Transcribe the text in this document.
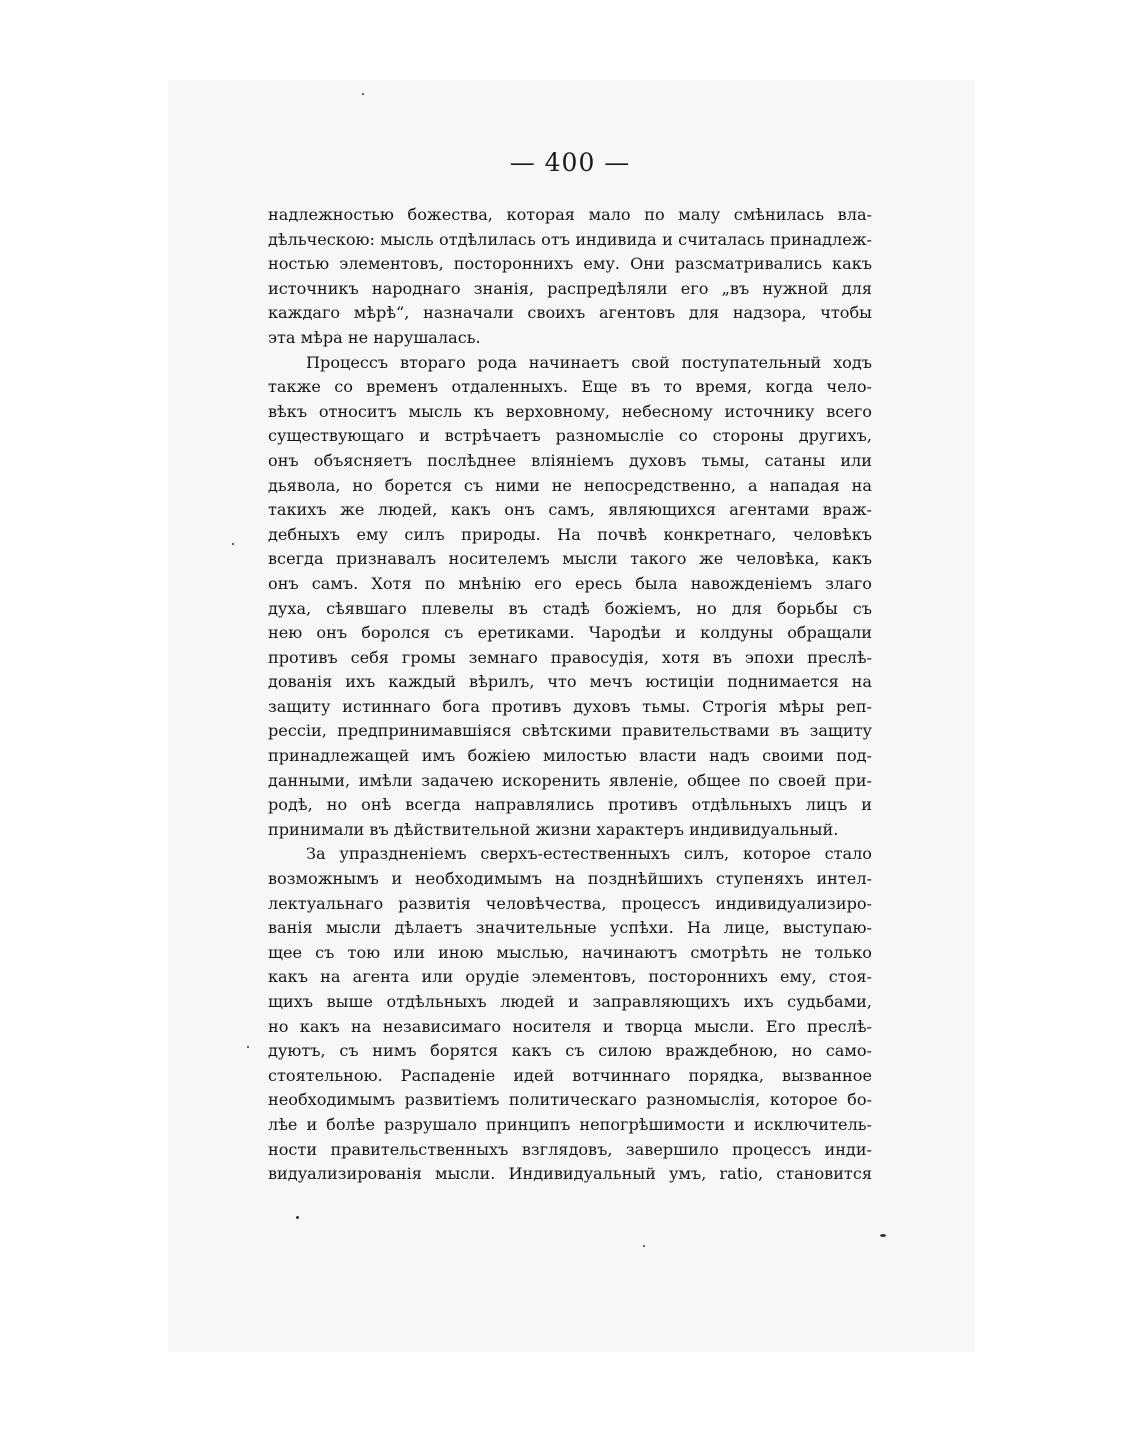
— 400 —
надлежностью божества, которая мало по малу смѣнилась вла-
дѣльческою: мысль отдѣлилась отъ индивида и считалась принадлеж-
ностью элементовъ, постороннихъ ему. Они разсматривались какъ
источникъ народнаго знанія, распредѣляли его „въ нужной для
каждаго мѣрѣ“, назначали своихъ агентовъ для надзора, чтобы
эта мѣра не нарушалась.
Процессъ втораго рода начинаетъ свой поступательный ходъ
также со временъ отдаленныхъ. Еще въ то время, когда чело-
вѣкъ относитъ мысль къ верховному, небесному источнику всего
существующаго и встрѣчаетъ разномысліе со стороны другихъ,
онъ объясняетъ послѣднее вліяніемъ духовъ тьмы, сатаны или
дьявола, но борется съ ними не непосредственно, а нападая на
такихъ же людей, какъ онъ самъ, являющихся агентами враж-
дебныхъ ему силъ природы. На почвѣ конкретнаго, человѣкъ
всегда признавалъ носителемъ мысли такого же человѣка, какъ
онъ самъ. Хотя по мнѣнію его ересь была навожденіемъ злаго
духа, сѣявшаго плевелы въ стадѣ божіемъ, но для борьбы съ
нею онъ боролся съ еретиками. Чародѣи и колдуны обращали
противъ себя громы земнаго правосудія, хотя въ эпохи преслѣ-
дованія ихъ каждый вѣрилъ, что мечъ юстиціи поднимается на
защиту истиннаго бога противъ духовъ тьмы. Строгія мѣры реп-
рессіи, предпринимавшіяся свѣтскими правительствами въ защиту
принадлежащей имъ божіею милостью власти надъ своими под-
данными, имѣли задачею искоренить явленіе, общее по своей при-
родѣ, но онѣ всегда направлялись противъ отдѣльныхъ лицъ и
принимали въ дѣйствительной жизни характеръ индивидуальный.
За упраздненіемъ сверхъ-естественныхъ силъ, которое стало
возможнымъ и необходимымъ на позднѣйшихъ ступеняхъ интел-
лектуальнаго развитія человѣчества, процессъ индивидуализиро-
ванія мысли дѣлаетъ значительные успѣхи. На лице, выступаю-
щее съ тою или иною мыслью, начинаютъ смотрѣть не только
какъ на агента или орудіе элементовъ, постороннихъ ему, стоя-
щихъ выше отдѣльныхъ людей и заправляющихъ ихъ судьбами,
но какъ на независимаго носителя и творца мысли. Его преслѣ-
дуютъ, съ нимъ борятся какъ съ силою враждебною, но само-
стоятельною. Распаденіе идей вотчиннаго порядка, вызванное
необходимымъ развитіемъ политическаго разномыслія, которое бо-
лѣе и болѣе разрушало принципъ непогрѣшимости и исключитель-
ности правительственныхъ взглядовъ, завершило процессъ инди-
видуализированія мысли. Индивидуальный умъ, ratio, становится
